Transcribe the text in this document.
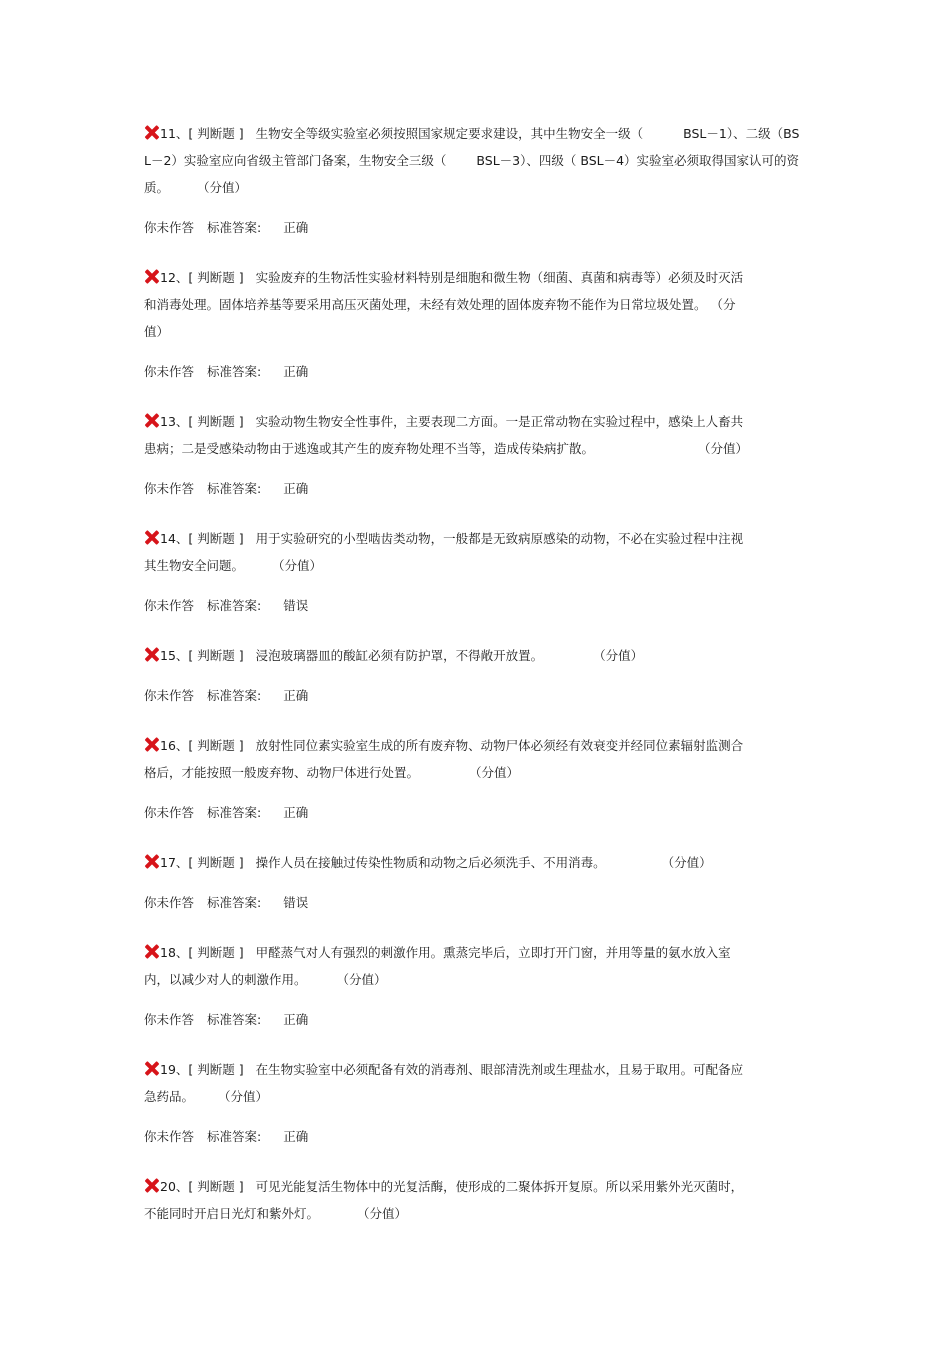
11、[ 判断题 ] 生物安全等级实验室必须按照国家规定要求建设，其中生物安全一级（	BSL－1）、二级（BSL－2）实验室应向省级主管部门备案，生物安全三级（ BSL－3）、四级（ BSL－4）实验室必须取得国家认可的资质。 （分值）

你未作答 标准答案: 正确

12、[ 判断题 ] 实验废弃的生物活性实验材料特别是细胞和微生物（细菌、真菌和病毒等）必须及时灭活和消毒处理。固体培养基等要采用高压灭菌处理，未经有效处理的固体废弃物不能作为日常垃圾处置。 （分值）

你未作答 标准答案: 正确

13、[ 判断题 ] 实验动物生物安全性事件，主要表现二方面。一是正常动物在实验过程中，感染上人畜共患病；二是受感染动物由于逃逸或其产生的废弃物处理不当等，造成传染病扩散。	（分值）

你未作答 标准答案: 正确

14、[ 判断题 ] 用于实验研究的小型啮齿类动物，一般都是无致病原感染的动物，不必在实验过程中注视其生物安全问题。 （分值）

你未作答 标准答案: 错误

15、[ 判断题 ] 浸泡玻璃器皿的酸缸必须有防护罩，不得敞开放置。	（分值）

你未作答 标准答案: 正确

16、[ 判断题 ] 放射性同位素实验室生成的所有废弃物、动物尸体必须经有效衰变并经同位素辐射监测合格后，才能按照一般废弃物、动物尸体进行处置。	（分值）

你未作答 标准答案: 正确

17、[ 判断题 ] 操作人员在接触过传染性物质和动物之后必须洗手、不用消毒。	（分值）

你未作答 标准答案: 错误

18、[ 判断题 ] 甲醛蒸气对人有强烈的刺激作用。熏蒸完毕后，立即打开门窗，并用等量的氨水放入室内，以减少对人的刺激作用。 （分值）

你未作答 标准答案: 正确

19、[ 判断题 ] 在生物实验室中必须配备有效的消毒剂、眼部清洗剂或生理盐水，且易于取用。可配备应急药品。 （分值）

你未作答 标准答案: 正确

20、[ 判断题 ] 可见光能复活生物体中的光复活酶，使形成的二聚体拆开复原。所以采用紫外光灭菌时，不能同时开启日光灯和紫外灯。	（分值）
